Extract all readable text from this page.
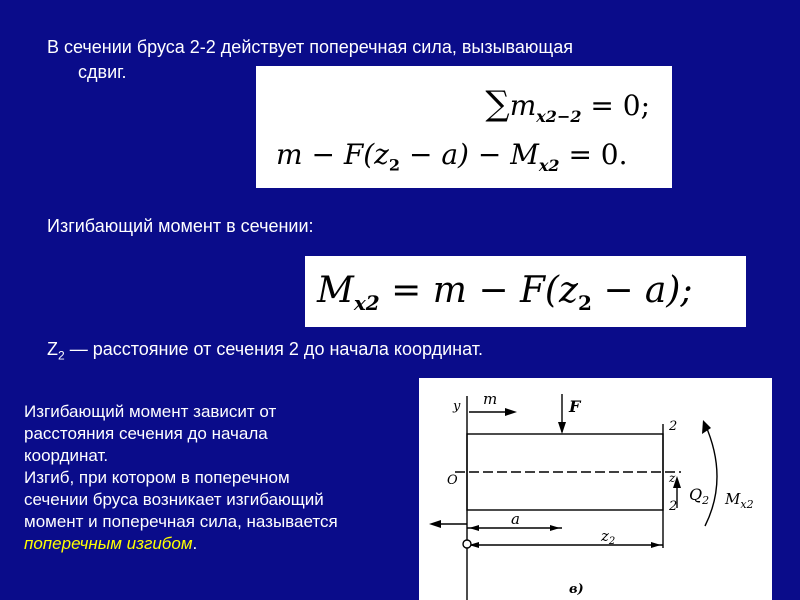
В сечении бруса 2-2 действует поперечная сила, вызывающая
сдвиг.
$\sum m_{x2-2} = 0$;
$m - F(z_2 - a) - M_{x2} = 0$.
Изгибающий момент в сечении:
$M_{x2} = m - F(z_2 - a)$;
$Z_2$ — расстояние от сечения 2 до начала координат.
Изгибающий момент зависит от
расстояния сечения до начала
координат.
Изгиб, при котором в поперечном
сечении бруса возникает изгибающий
момент и поперечная сила, называется
поперечным изгибом.
y m	F
O	z
2
2
$Q_2$ $M_{x2}$
a
$z_2$
в)
